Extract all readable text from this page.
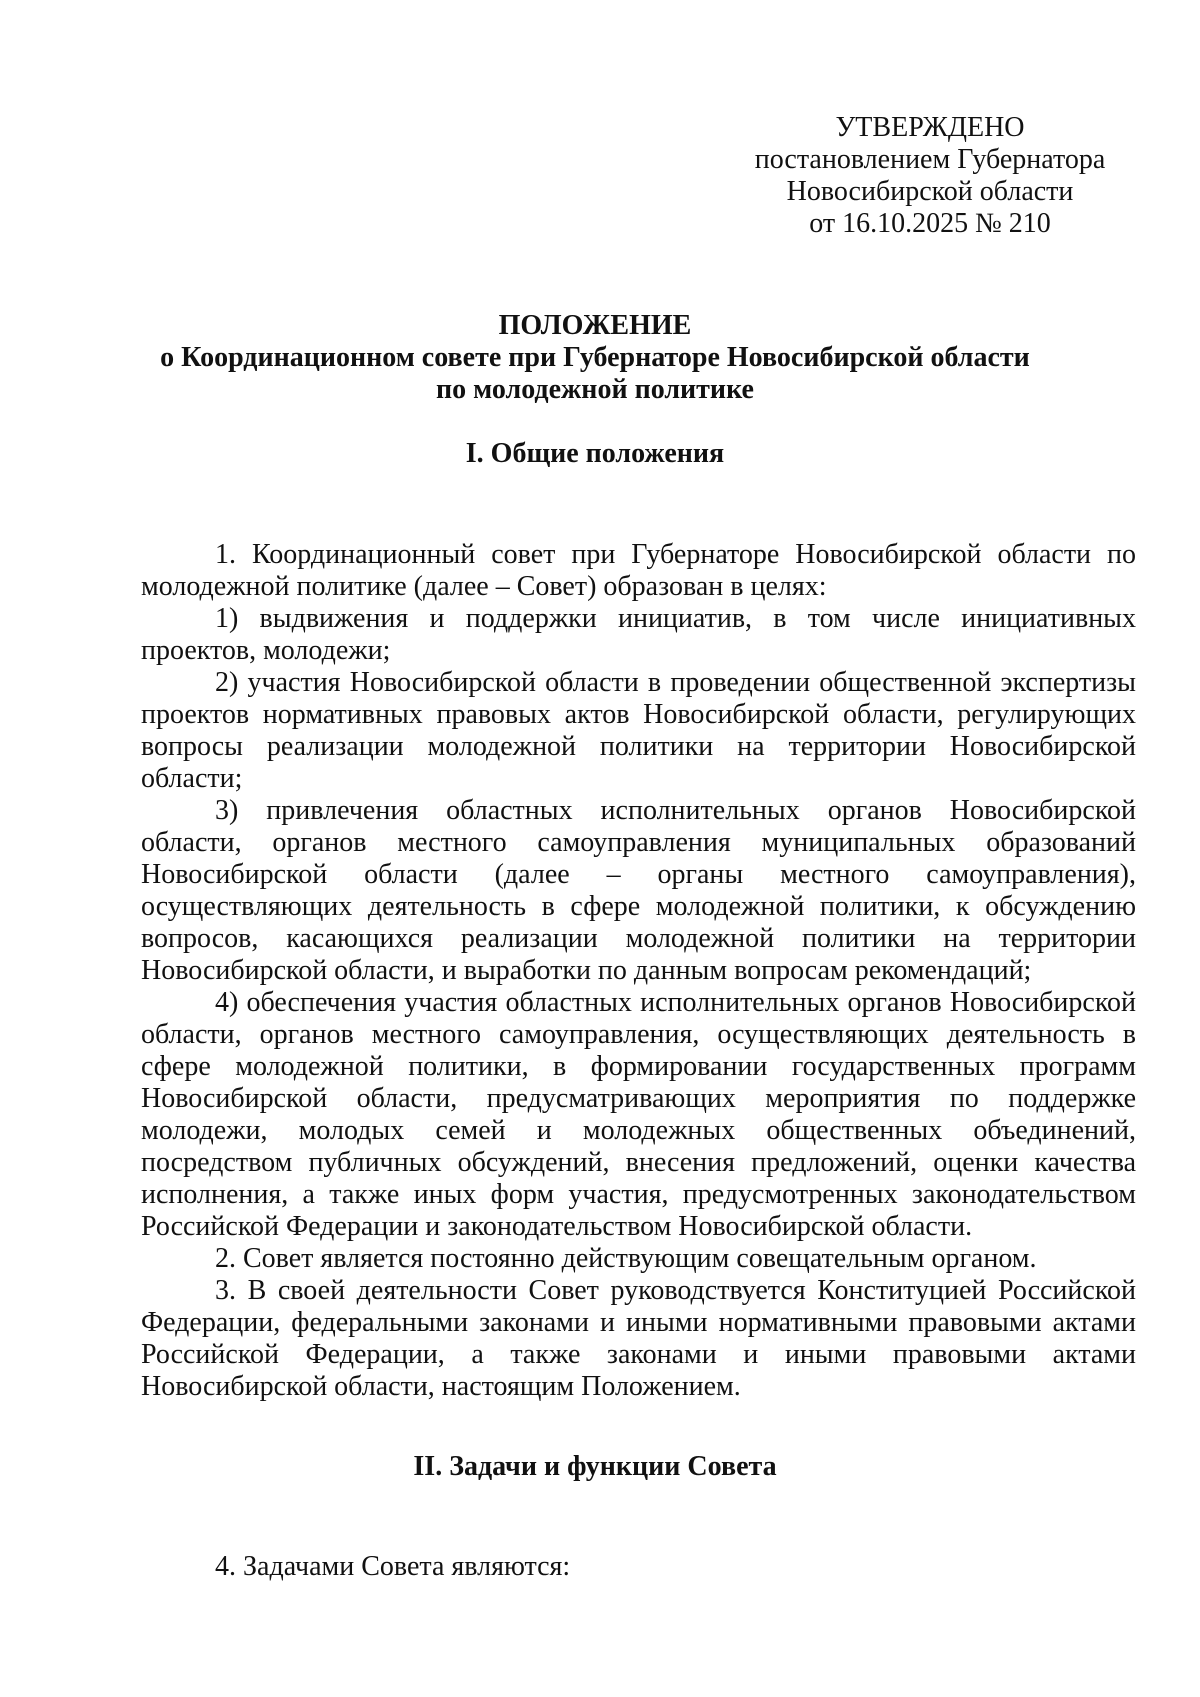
УТВЕРЖДЕНО
постановлением Губернатора
Новосибирской области
от 16.10.2025 № 210
ПОЛОЖЕНИЕ
о Координационном совете при Губернаторе Новосибирской области
по молодежной политике
I. Общие положения

1. Координационный совет при Губернаторе Новосибирской области по молодежной политике (далее – Совет) образован в целях:

1) выдвижения и поддержки инициатив, в том числе инициативных проектов, молодежи;

2) участия Новосибирской области в проведении общественной экспертизы проектов нормативных правовых актов Новосибирской области, регулирующих вопросы реализации молодежной политики на территории Новосибирской области;

3) привлечения областных исполнительных органов Новосибирской области, органов местного самоуправления муниципальных образований Новосибирской области (далее – органы местного самоуправления), осуществляющих деятельность в сфере молодежной политики, к обсуждению вопросов, касающихся реализации молодежной политики на территории Новосибирской области, и выработки по данным вопросам рекомендаций;

4) обеспечения участия областных исполнительных органов Новосибирской области, органов местного самоуправления, осуществляющих деятельность в сфере молодежной политики, в формировании государственных программ Новосибирской области, предусматривающих мероприятия по поддержке молодежи, молодых семей и молодежных общественных объединений, посредством публичных обсуждений, внесения предложений, оценки качества исполнения, а также иных форм участия, предусмотренных законодательством Российской Федерации и законодательством Новосибирской области.

2. Совет является постоянно действующим совещательным органом.

3. В своей деятельности Совет руководствуется Конституцией Российской Федерации, федеральными законами и иными нормативными правовыми актами Российской Федерации, а также законами и иными правовыми актами Новосибирской области, настоящим Положением.

II. Задачи и функции Совета

4. Задачами Совета являются:
